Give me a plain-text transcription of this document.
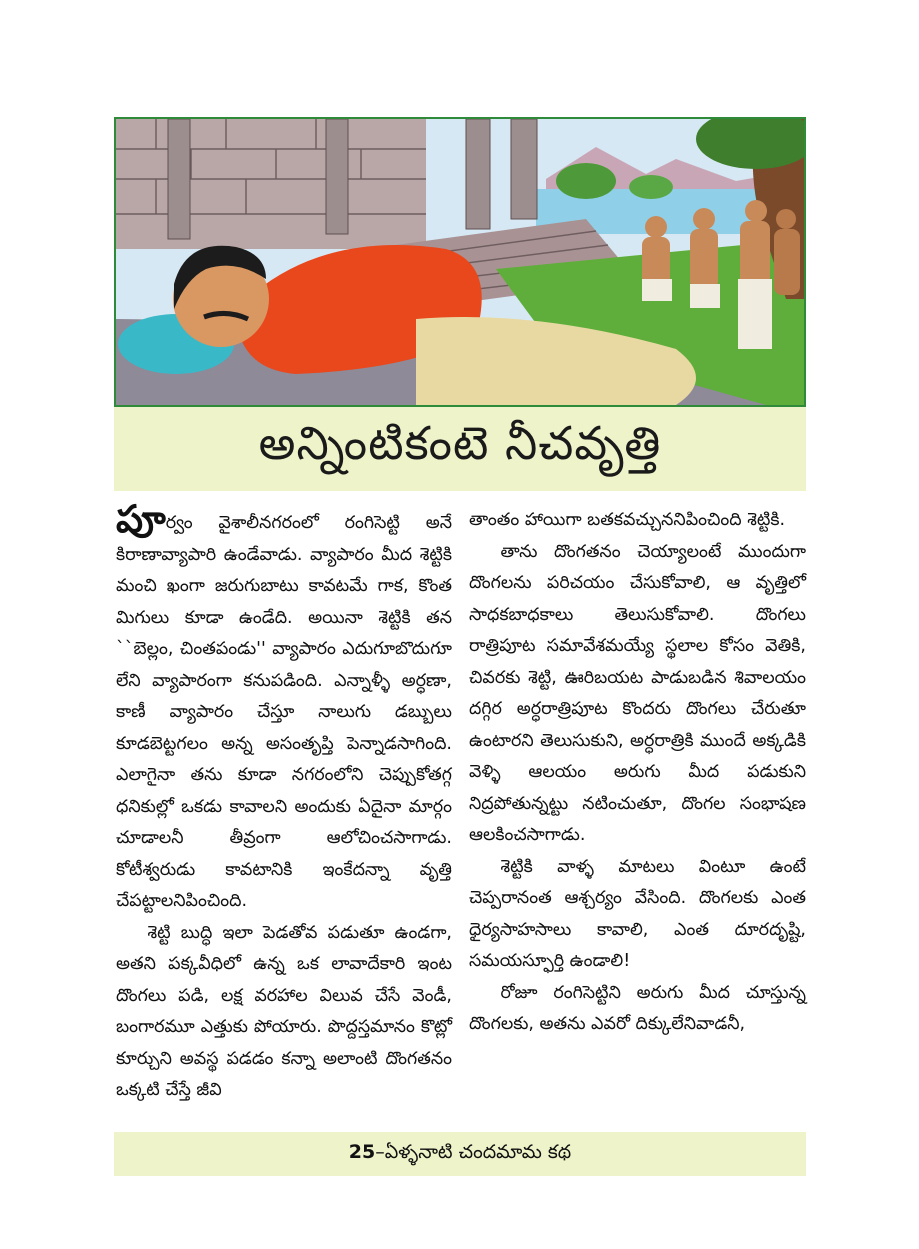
అన్నింటికంటె నీచవృత్తి

పూర్వం వైశాలీనగరంలో రంగిసెట్టి అనే కిరాణావ్యాపారి ఉండేవాడు. వ్యాపారం మీద శెట్టికి మంచి ఖంగా జరుగుబాటు కావటమే గాక, కొంత మిగులు కూడా ఉండేది. అయినా శెట్టికి తన ``బెల్లం, చింతపండు'' వ్యాపారం ఎదుగూబొదుగూ లేని వ్యాపారంగా కనుపడింది. ఎన్నాళ్ళీ అర్ధణా, కాణీ వ్యాపారం చేస్తూ నాలుగు డబ్బులు కూడబెట్టగలం అన్న అసంతృప్తి పెన్నాడసాగింది. ఎలాగైనా తను కూడా నగరంలోని చెప్పుకోతగ్గ ధనికుల్లో ఒకడు కావాలని అందుకు ఏదైనా మార్గం చూడాలనీ తీవ్రంగా ఆలోచించసాగాడు. కోటీశ్వరుడు కావటానికి ఇంకేదన్నా వృత్తి చేపట్టాలనిపించింది.

శెట్టి బుద్ధి ఇలా పెడతోవ పడుతూ ఉండగా, అతని పక్కవీధిలో ఉన్న ఒక లావాదేకారి ఇంట దొంగలు పడి, లక్ష వరహాల విలువ చేసే వెండీ, బంగారమూ ఎత్తుకు పోయారు. పొద్దస్తమానం కొట్లో కూర్చుని అవస్థ పడడం కన్నా అలాంటి దొంగతనం ఒక్కటి చేస్తే జీవి

తాంతం హాయిగా బతకవచ్చుననిపించింది శెట్టికి.

తాను దొంగతనం చెయ్యాలంటే ముందుగా దొంగలను పరిచయం చేసుకోవాలి, ఆ వృత్తిలో సాధకబాధకాలు తెలుసుకోవాలి. దొంగలు రాత్రిపూట సమావేశమయ్యే స్థలాల కోసం వెతికి, చివరకు శెట్టి, ఊరిబయట పాడుబడిన శివాలయం దగ్గిర అర్ధరాత్రిపూట కొందరు దొంగలు చేరుతూ ఉంటారని తెలుసుకుని, అర్ధరాత్రికి ముందే అక్కడికి వెళ్ళి ఆలయం అరుగు మీద పడుకుని నిద్రపోతున్నట్టు నటించుతూ, దొంగల సంభాషణ ఆలకించసాగాడు.

శెట్టికి వాళ్ళ మాటలు వింటూ ఉంటే చెప్పరానంత ఆశ్చర్యం వేసింది. దొంగలకు ఎంత ధైర్యసాహసాలు కావాలి, ఎంత దూరదృష్టి, సమయస్ఫూర్తి ఉండాలి!

రోజూ రంగిసెట్టిని అరుగు మీద చూస్తున్న దొంగలకు, అతను ఎవరో దిక్కులేనివాడనీ,

25–ఏళ్ళనాటి చందమామ కథ
